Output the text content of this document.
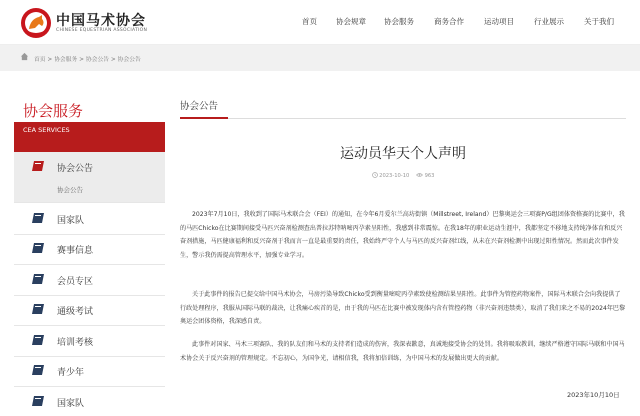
中国马术协会
CHINESE EQUESTRIAN ASSOCIATION
首页	协会规章 协会服务	商务合作	运动项目	行业展示	关于我们
首页 > 协会服务 > 协会公告 > 协会公告
协会服务
CEA SERVICES
协会公告
协会公告
国家队
赛事信息
会员专区
通级考试
培训考核
青少年
国家队
协会公告
运动员华天个人声明
2023-10-10	963
2023年7月10日，我收到了国际马术联合会（FEI）的通知，在今年6月爱尔兰高坊街镇（Millstreet, Ireland）巴黎奥运会三项赛P/G组团体资格赛的比赛中，我的马匹Chicko在比赛期间接受马匹兴奋剂检测查出普拉苏特呐嘧丙孕素呈阳性，我感到非常震惊。在我18年的职业运动生涯中，我都坚定不移地支持纯净体育和反兴奋剂措施，马匹健康福利和反兴奋剂于我而言一直是最重要的责任，我始终严守个人与马匹的反兴奋剂红线，从未在兴奋剂检测中出现过阳性情况。然而此次事件发生，警示我仍需提高管理水平，加强专业学习。
关于此事件的报告已提交给中国马术协会，马房污染导致Chicko受到衡量嘧啶丙孕素致使检测结果呈阳性。此事件为管控药物案件，国际马术联合会向我提供了行政处理程序，我服从国际马联的裁决，让我痛心疾首的是，由于我的马匹在比赛中被发现体内含有管控药物（非兴奋剂违禁类），取消了我们来之不易的2024年巴黎奥运会团体资格，我深感自责。
此事件对国家、马术三项赛队、我的队友们和马术的支持者们造成的伤害，我深表歉意，真诚地接受协会的处罚。我将吸取教训，继续严格遵守国际马联和中国马术协会关于反兴奋剂的管理规定。不忘初心，为国争光，请相信我，我将加倍训练，为中国马术的发展做出更大的贡献。
2023年10月10日
